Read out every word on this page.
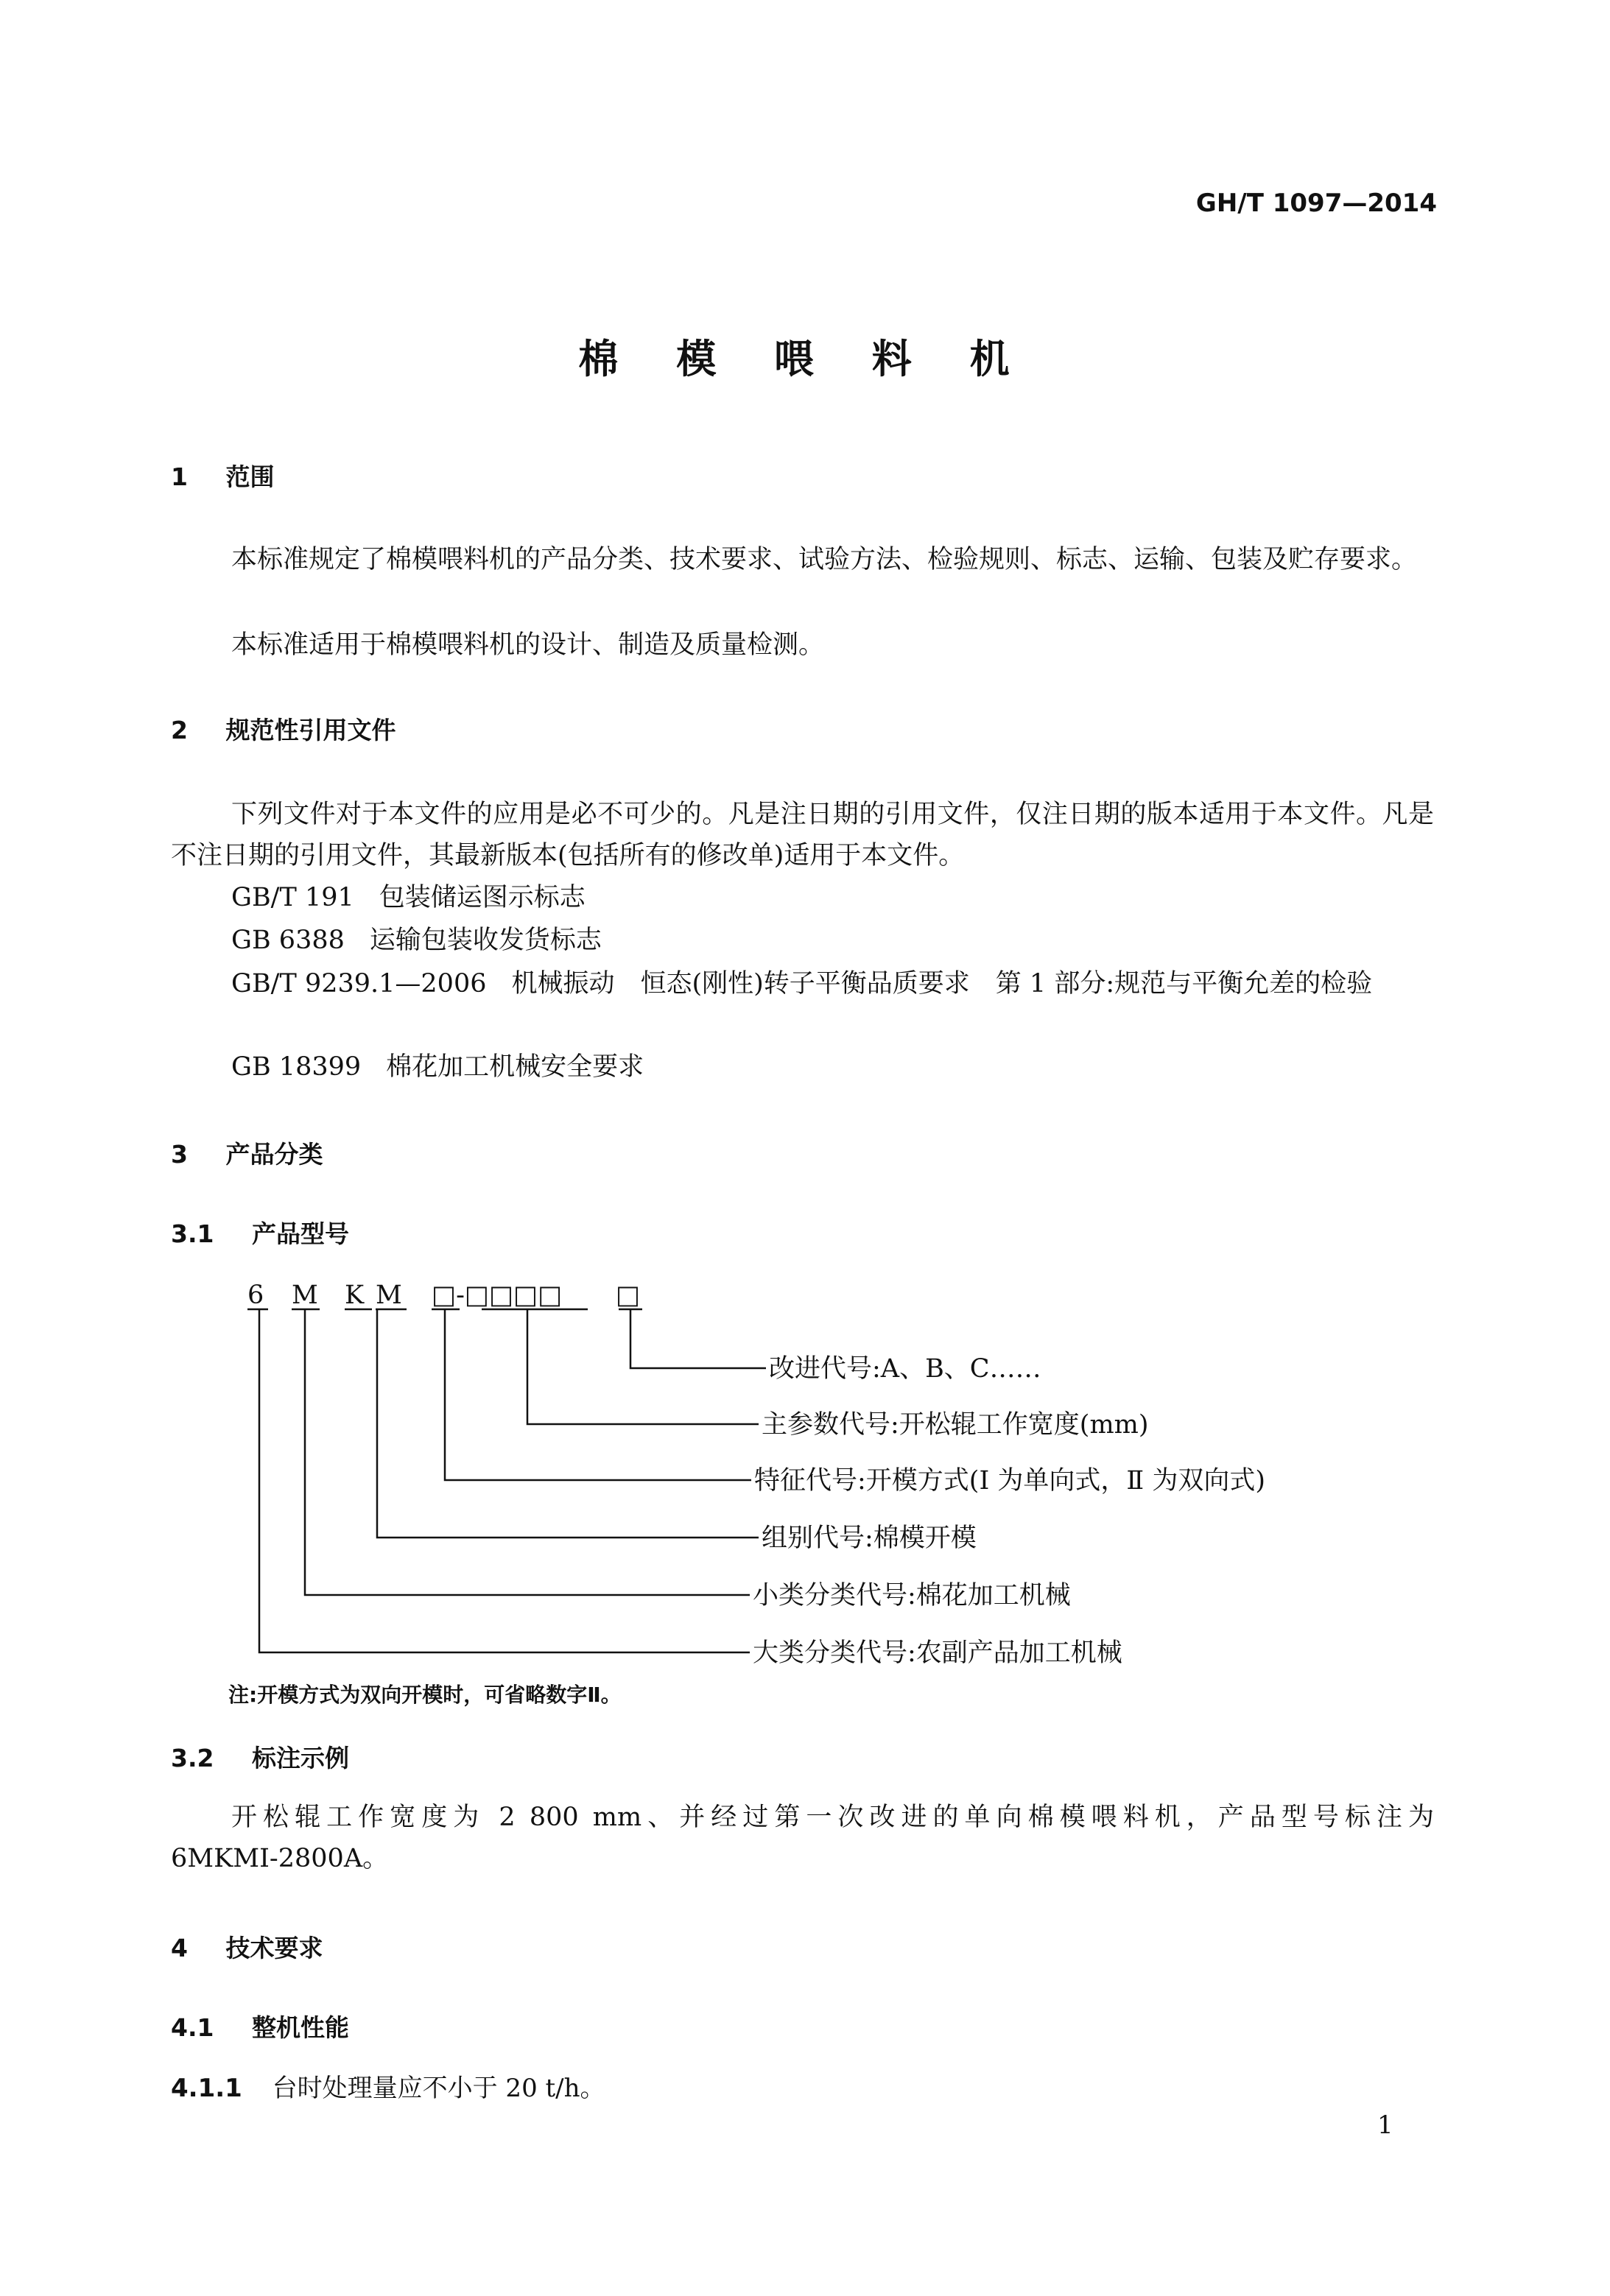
GH/T 1097—2014
棉 模 喂 料 机
1 范围
本标准规定了棉模喂料机的产品分类、技术要求、试验方法、检验规则、标志、运输、包装及贮存要求。
本标准适用于棉模喂料机的设计、制造及质量检测。
2 规范性引用文件
下列文件对于本文件的应用是必不可少的。凡是注日期的引用文件，仅注日期的版本适用于本文件。凡是不注日期的引用文件，其最新版本(包括所有的修改单)适用于本文件。
GB/T 191 包装储运图示标志
GB 6388 运输包装收发货标志
GB/T 9239.1—2006 机械振动　恒态(刚性)转子平衡品质要求　第 1 部分:规范与平衡允差的检验
GB 18399 棉花加工机械安全要求
3 产品分类
3.1 产品型号
6 M K M □-□□□□ □
改进代号:A、B、C……
主参数代号:开松辊工作宽度(mm)
特征代号:开模方式(Ⅰ 为单向式，Ⅱ 为双向式)
组别代号:棉模开模
小类分类代号:棉花加工机械
大类分类代号:农副产品加工机械
注:开模方式为双向开模时，可省略数字Ⅱ。
3.2 标注示例
开松辊工作宽度为 2 800 mm、并经过第一次改进的单向棉模喂料机，产品型号标注为 6MKMⅠ-2800A。
4 技术要求
4.1 整机性能
4.1.1 台时处理量应不小于 20 t/h。
1
